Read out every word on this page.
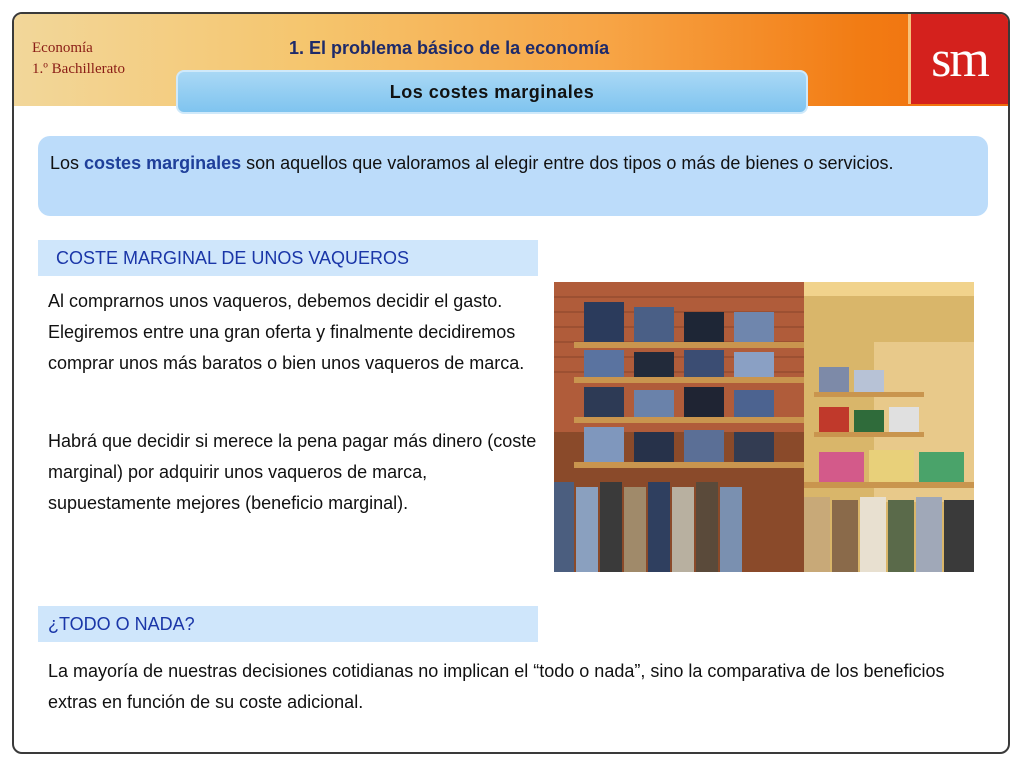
Economía
1.º Bachillerato
1. El problema básico de la economía	sm
Los costes marginales
Los costes marginales son aquellos que valoramos al elegir entre dos tipos o más de bienes o servicios.
COSTE MARGINAL DE UNOS VAQUEROS

Al comprarnos unos vaqueros, debemos decidir el gasto. Elegiremos entre una gran oferta y finalmente decidiremos comprar unos más baratos o bien unos vaqueros de marca.

Habrá que decidir si merece la pena pagar más dinero (coste marginal) por adquirir unos vaqueros de marca, supuestamente mejores (beneficio marginal).

¿TODO O NADA?

La mayoría de nuestras decisiones cotidianas no implican el “todo o nada”, sino la comparativa de los beneficios extras en función de su coste adicional.
